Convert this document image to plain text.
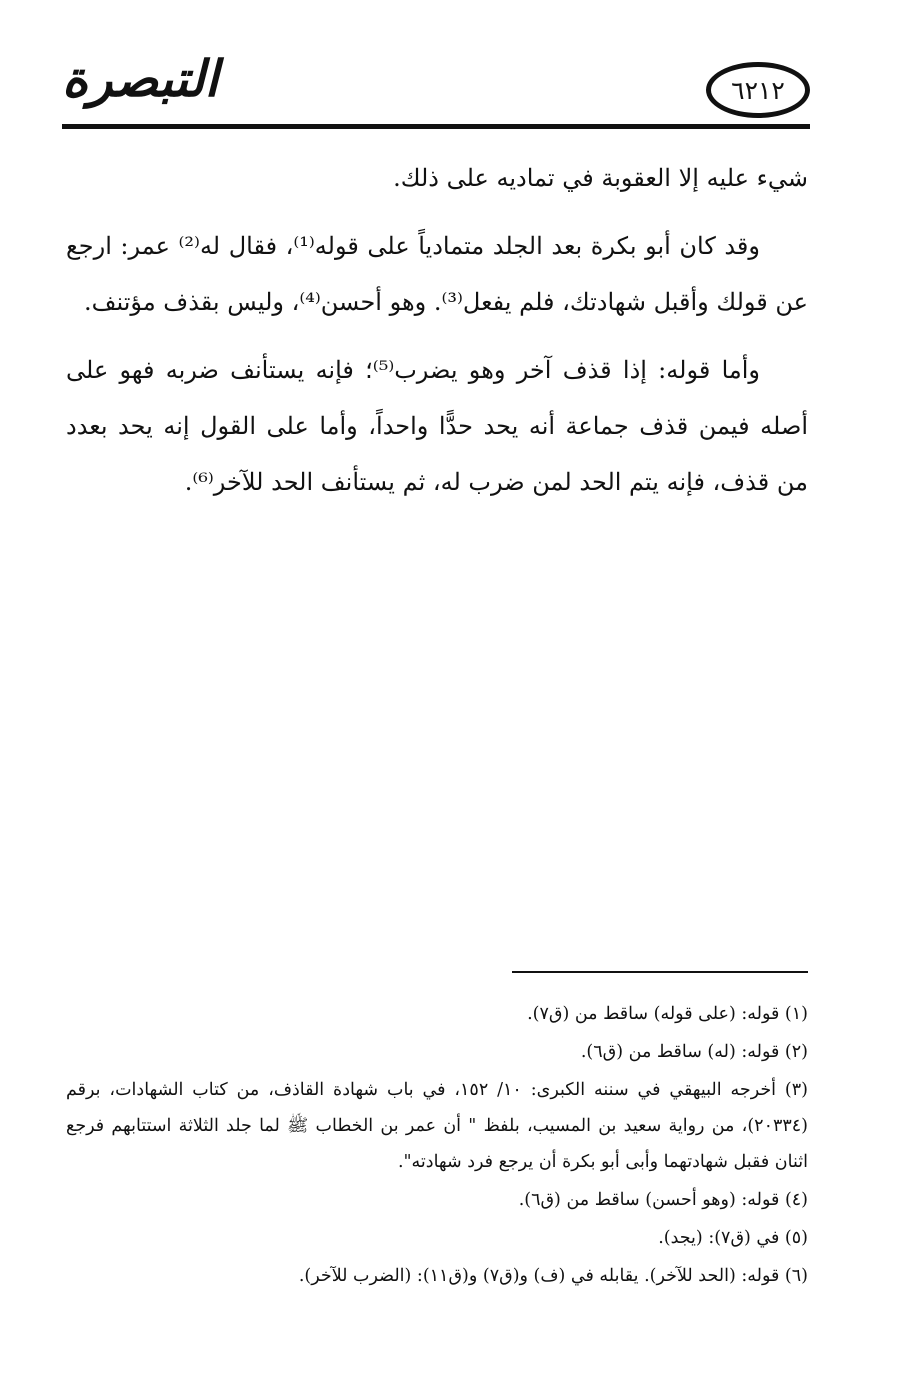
التبصرة	٦٢١٢

شيء عليه إلا العقوبة في تماديه على ذلك.

وقد كان أبو بكرة بعد الجلد متمادياً على قوله⁽¹⁾، فقال له⁽²⁾ عمر: ارجع عن قولك وأقبل شهادتك، فلم يفعل⁽³⁾. وهو أحسن⁽⁴⁾، وليس بقذف مؤتنف.

وأما قوله: إذا قذف آخر وهو يضرب⁽⁵⁾؛ فإنه يستأنف ضربه فهو على أصله فيمن قذف جماعة أنه يحد حدًّا واحداً، وأما على القول إنه يحد بعدد من قذف، فإنه يتم الحد لمن ضرب له، ثم يستأنف الحد للآخر⁽⁶⁾.

(١) قوله: (على قوله) ساقط من (ق٧).

(٢) قوله: (له) ساقط من (ق٦).

(٣) أخرجه البيهقي في سننه الكبرى: ١٠/ ١٥٢، في باب شهادة القاذف، من كتاب الشهادات، برقم (٢٠٣٣٤)، من رواية سعيد بن المسيب، بلفظ " أن عمر بن الخطاب ﷺ لما جلد الثلاثة استتابهم فرجع اثنان فقبل شهادتهما وأبى أبو بكرة أن يرجع فرد شهادته".

(٤) قوله: (وهو أحسن) ساقط من (ق٦).

(٥) في (ق٧): (يجد).

(٦) قوله: (الحد للآخر). يقابله في (ف) و(ق٧) و(ق١١): (الضرب للآخر).
